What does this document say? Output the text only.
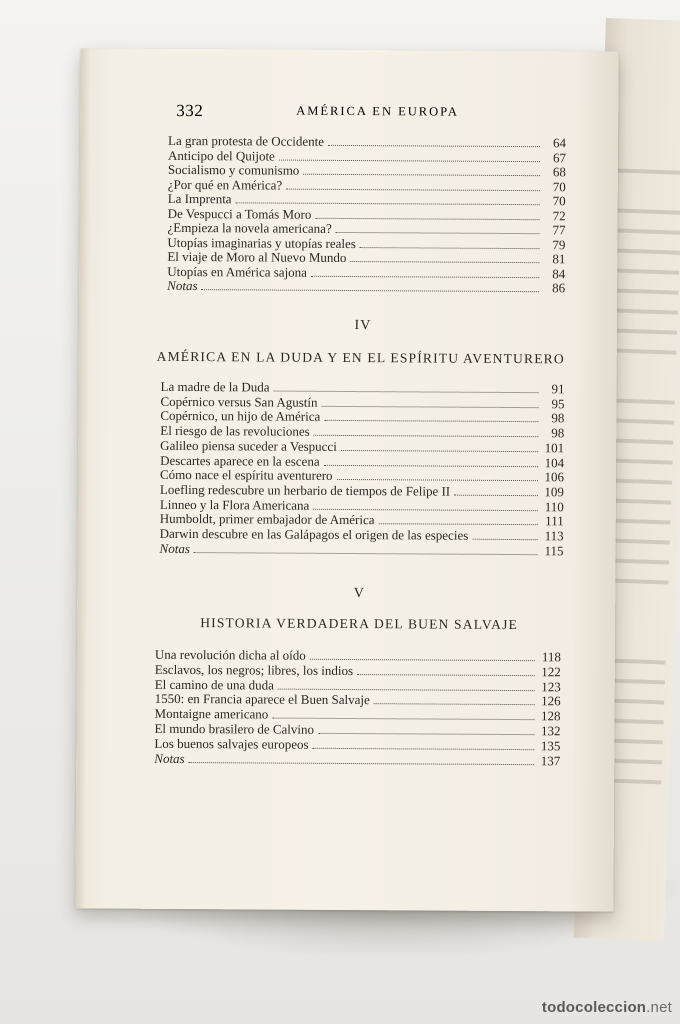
332	AMÉRICA EN EUROPA
La gran protesta de Occidente	64
Anticipo del Quijote	67
Socialismo y comunismo	68
¿Por qué en América?	70
La Imprenta	70
De Vespucci a Tomás Moro	72
¿Empieza la novela americana?	77
Utopías imaginarias y utopías reales	79
El viaje de Moro al Nuevo Mundo	81
Utopías en América sajona	84
Notas	86
IV
AMÉRICA EN LA DUDA Y EN EL ESPÍRITU AVENTURERO
La madre de la Duda	91
Copérnico versus San Agustín	95
Copérnico, un hijo de América	98
El riesgo de las revoluciones	98
Galileo piensa suceder a Vespucci	101
Descartes aparece en la escena	104
Cómo nace el espíritu aventurero	106
Loefling redescubre un herbario de tiempos de Felipe II	109
Linneo y la Flora Americana	110
Humboldt, primer embajador de América	111
Darwin descubre en las Galápagos el origen de las especies	113
Notas	115
V
HISTORIA VERDADERA DEL BUEN SALVAJE
Una revolución dicha al oído	118
Esclavos, los negros; libres, los indios	122
El camino de una duda	123
1550: en Francia aparece el Buen Salvaje	126
Montaigne americano	128
El mundo brasilero de Calvino	132
Los buenos salvajes europeos	135
Notas	137
todocoleccion.net
